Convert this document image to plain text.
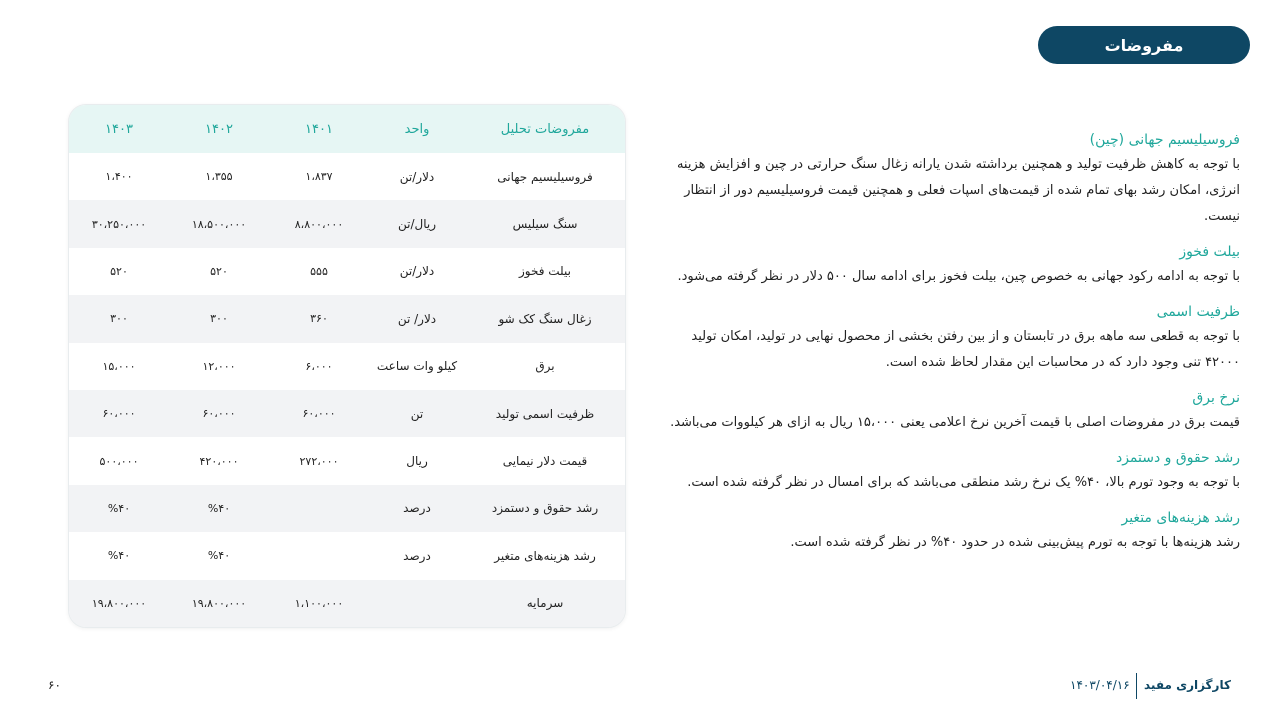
مفروضات
مفروضات تحلیل	واحد	۱۴۰۱	۱۴۰۲	۱۴۰۳
فروسیلیسیم جهانی	دلار/تن	۱،۸۳۷	۱،۳۵۵	۱،۴۰۰
سنگ سیلیس	ریال/تن	۸،۸۰۰،۰۰۰	۱۸،۵۰۰،۰۰۰	۳۰،۲۵۰،۰۰۰
بیلت فخوز	دلار/تن	۵۵۵	۵۲۰	۵۲۰
زغال سنگ کک شو	دلار/ تن	۳۶۰	۳۰۰	۳۰۰
برق	کیلو وات ساعت	۶،۰۰۰	۱۲،۰۰۰	۱۵،۰۰۰
ظرفیت اسمی تولید	تن	۶۰،۰۰۰	۶۰،۰۰۰	۶۰،۰۰۰
قیمت دلار نیمایی	ریال	۲۷۲،۰۰۰	۴۲۰،۰۰۰	۵۰۰،۰۰۰
رشد حقوق و دستمزد	درصد		%۴۰	%۴۰
رشد هزینه‌های متغیر	درصد		%۴۰	%۴۰
سرمایه		۱،۱۰۰،۰۰۰	۱۹،۸۰۰،۰۰۰	۱۹،۸۰۰،۰۰۰
فروسیلیسیم جهانی (چین)
با توجه به کاهش ظرفیت تولید و همچنین برداشته شدن یارانه زغال سنگ حرارتی در چین و افزایش هزینه انرژی، امکان رشد بهای تمام شده از قیمت‌های اسپات فعلی و همچنین قیمت فروسیلیسیم دور از انتظار نیست.
بیلت فخوز
با توجه به ادامه رکود جهانی به خصوص چین، بیلت فخوز برای ادامه سال ۵۰۰ دلار در نظر گرفته می‌شود.
ظرفیت اسمی
با توجه به قطعی سه ماهه برق در تابستان و از بین رفتن بخشی از محصول نهایی در تولید، امکان تولید ۴۲۰۰۰ تنی وجود دارد که در محاسبات این مقدار لحاظ شده است.
نرخ برق
قیمت برق در مفروضات اصلی با قیمت آخرین نرخ اعلامی یعنی ۱۵،۰۰۰ ریال به ازای هر کیلووات می‌باشد.
رشد حقوق و دستمزد
با توجه به وجود تورم بالا، ۴۰% یک نرخ رشد منطقی می‌باشد که برای امسال در نظر گرفته شده است.
رشد هزینه‌های متغیر
رشد هزینه‌ها با توجه به تورم پیش‌بینی شده در حدود ۴۰% در نظر گرفته شده است.
۶۰	کارگزاری مفید
۱۴۰۳/۰۴/۱۶
